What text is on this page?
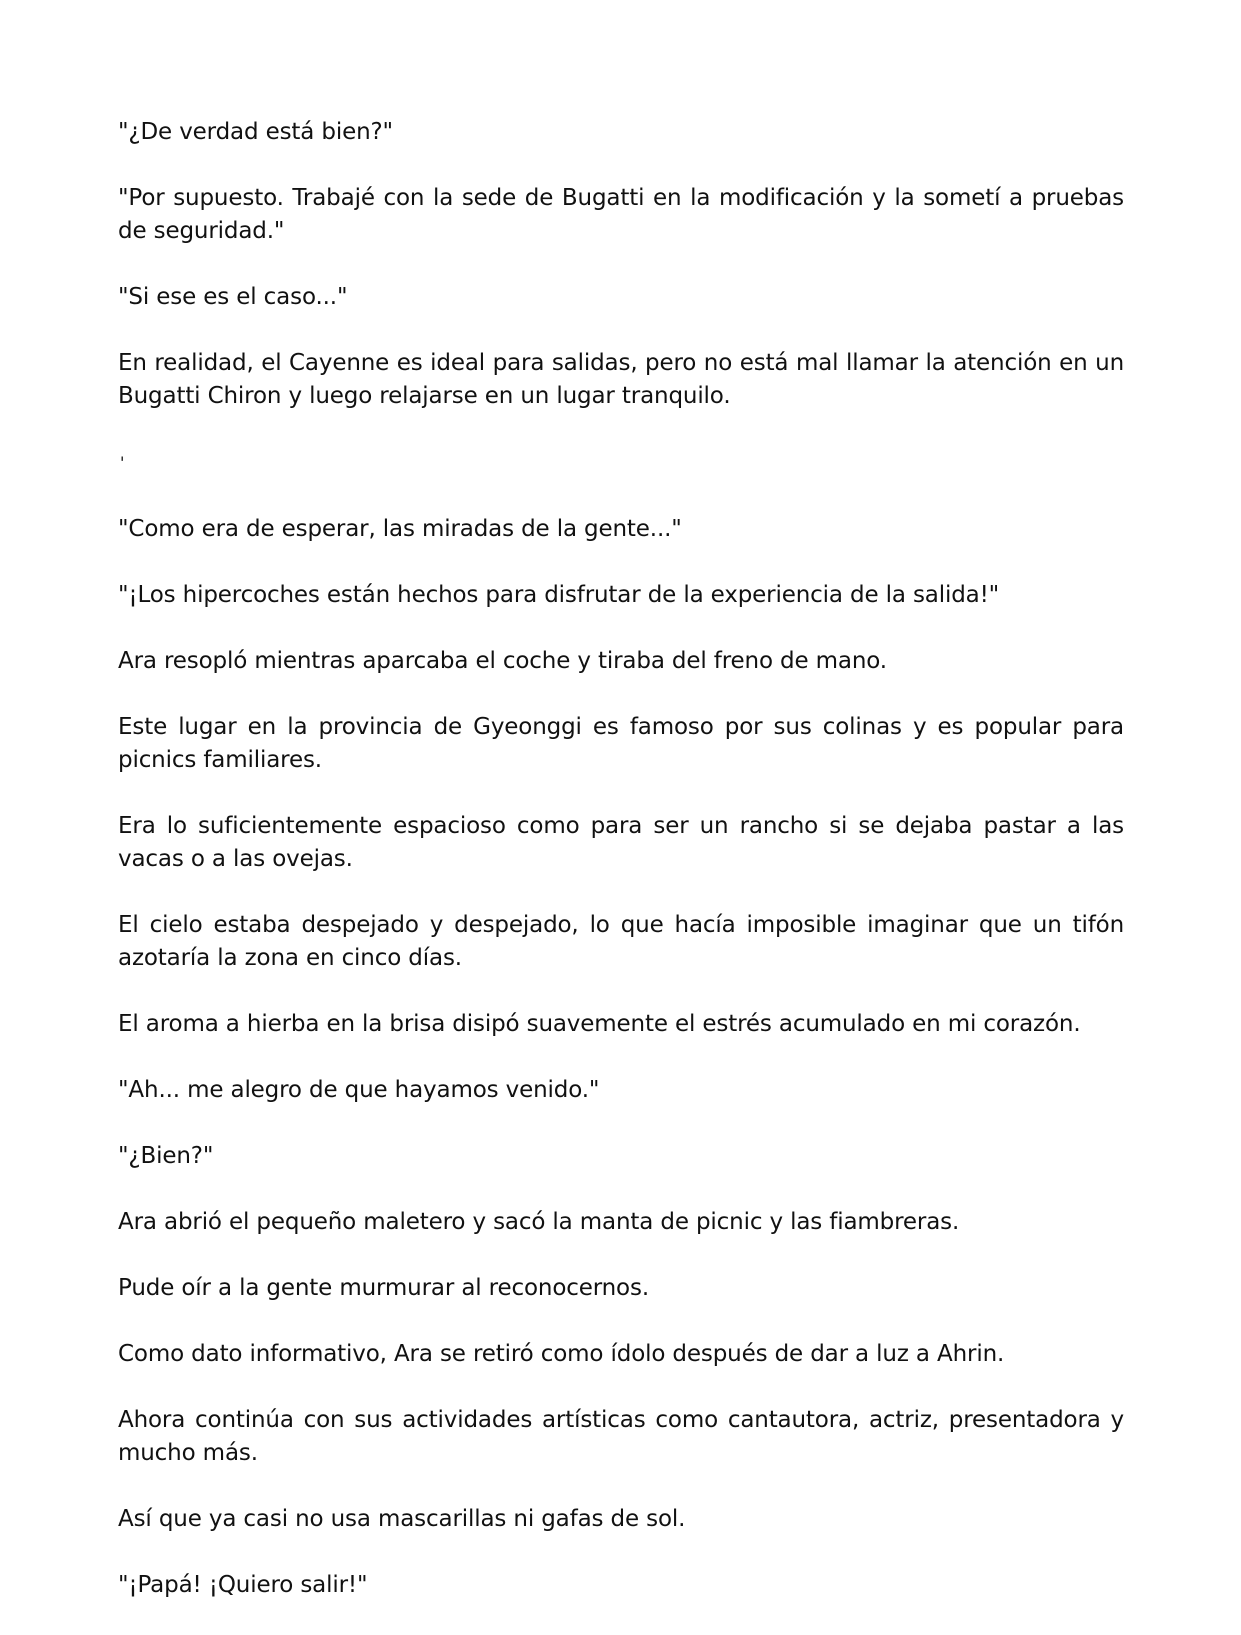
"¿De verdad está bien?"

"Por supuesto. Trabajé con la sede de Bugatti en la modificación y la sometí a pruebas de seguridad."

"Si ese es el caso..."

En realidad, el Cayenne es ideal para salidas, pero no está mal llamar la atención en un Bugatti Chiron y luego relajarse en un lugar tranquilo.

'

"Como era de esperar, las miradas de la gente..."

"¡Los hipercoches están hechos para disfrutar de la experiencia de la salida!"

Ara resopló mientras aparcaba el coche y tiraba del freno de mano.

Este lugar en la provincia de Gyeonggi es famoso por sus colinas y es popular para picnics familiares.

Era lo suficientemente espacioso como para ser un rancho si se dejaba pastar a las vacas o a las ovejas.

El cielo estaba despejado y despejado, lo que hacía imposible imaginar que un tifón azotaría la zona en cinco días.

El aroma a hierba en la brisa disipó suavemente el estrés acumulado en mi corazón.

"Ah... me alegro de que hayamos venido."

"¿Bien?"

Ara abrió el pequeño maletero y sacó la manta de picnic y las fiambreras.

Pude oír a la gente murmurar al reconocernos.

Como dato informativo, Ara se retiró como ídolo después de dar a luz a Ahrin.

Ahora continúa con sus actividades artísticas como cantautora, actriz, presentadora y mucho más.

Así que ya casi no usa mascarillas ni gafas de sol.

"¡Papá! ¡Quiero salir!"
